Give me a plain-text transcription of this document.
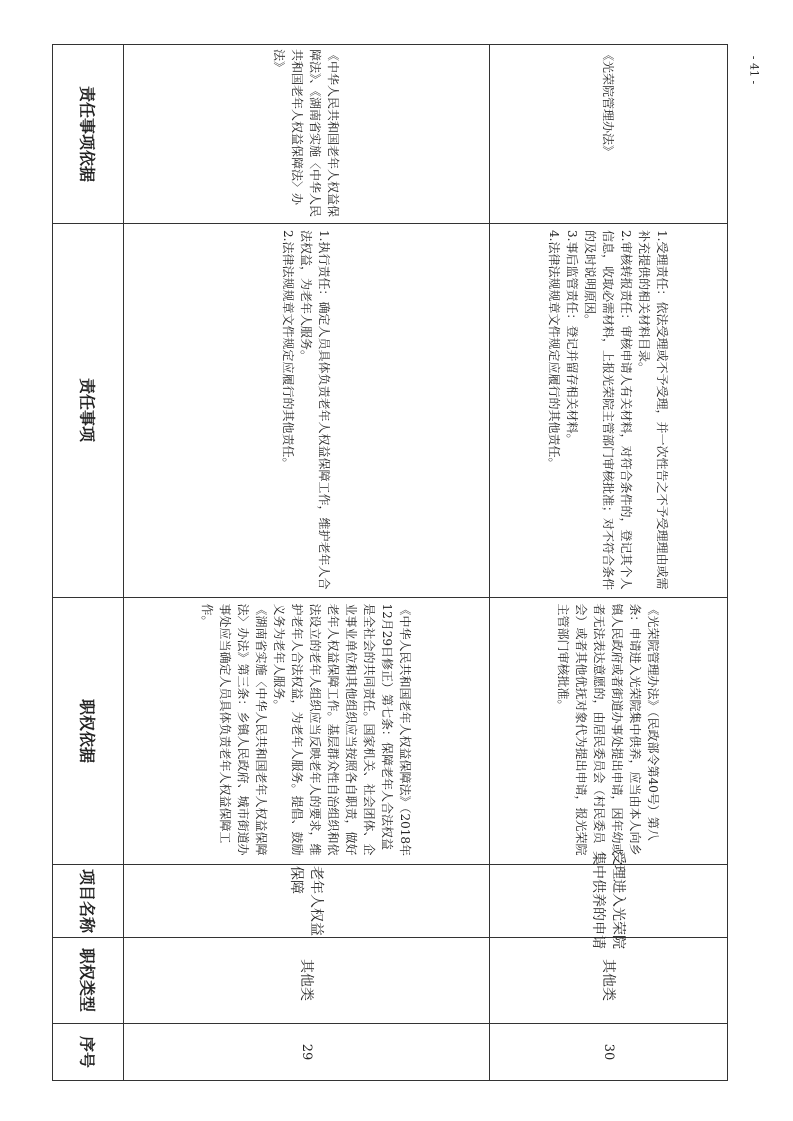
- 41 -
序号
职权类型
项目名称
职权依据
责任事项
责任事项依据
29
其他类
老年人权益保障

《中华人民共和国老年人权益保障法》（2018年12月29日修正）第七条：保障老年人合法权益是全社会的共同责任。国家机关、社会团体、企业事业单位和其他组织应当按照各自职责，做好老年人权益保障工作。基层群众性自治组织和依法设立的老年人组织应当反映老年人的要求，维护老年人合法权益，为老年人服务。提倡、鼓励义务为老年人服务。

《湖南省实施〈中华人民共和国老年人权益保障法〉办法》第三条：乡镇人民政府、城市街道办事处应当确定人员具体负责老年人权益保障工作。

1.执行责任：确定人员具体负责老年人权益保障工作，维护老年人合法权益，为老年人服务。

2.法律法规规章文件规定应履行的其他责任。

《中华人民共和国老年人权益保障法》、《湖南省实施〈中华人民共和国老年人权益保障法〉办法》
30
其他类
受理进入光荣院集中供养的申请

《光荣院管理办法》（民政部令第40号）第八条：申请进入光荣院集中供养，应当由本人向乡镇人民政府或者街道办事处提出申请，因年幼或者无法表达意愿的，由居民委员会（村民委员会）或者其他优抚对象代为提出申请，报光荣院主管部门审核批准。

1.受理责任：依法受理或不予受理，并一次性告之不予受理理由或需补充提供的相关材料目录。

2.审核转报责任：审核申请人有关材料，对符合条件的，登记其个人信息，收取必需材料，上报光荣院主管部门审核批准；对不符合条件的及时说明原因。

3.事后监管责任：登记并留存相关材料。

4.法律法规规章文件规定应履行的其他责任。

《光荣院管理办法》
